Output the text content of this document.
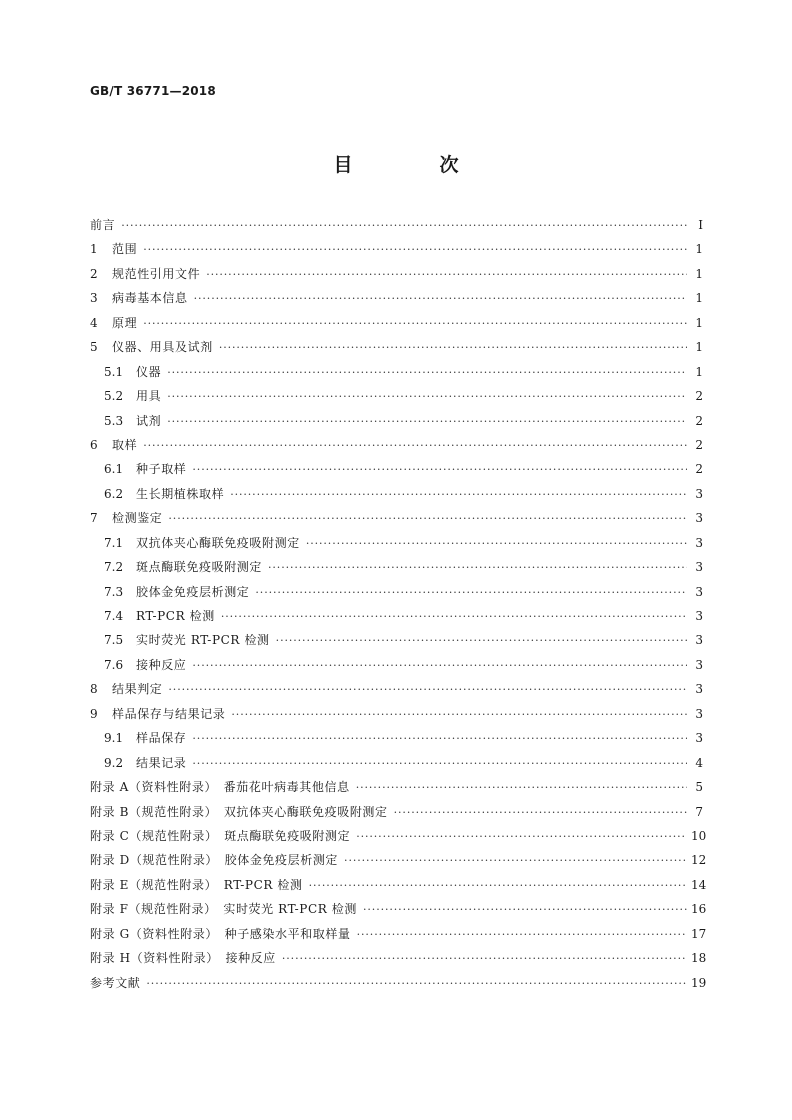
GB/T 36771—2018
目　次
前言 ·····	I
1	范围 ·····	1
2	规范性引用文件 ·····	1
3	病毒基本信息 ·····	1
4	原理 ·····	1
5	仪器、用具及试剂 ·····	1
5.1	仪器 ·····	1
5.2	用具 ·····	2
5.3	试剂 ·····	2
6	取样 ·····	2
6.1	种子取样 ·····	2
6.2	生长期植株取样 ·····	3
7	检测鉴定 ·····	3
7.1	双抗体夹心酶联免疫吸附测定 ·····	3
7.2	斑点酶联免疫吸附测定 ·····	3
7.3	胶体金免疫层析测定 ·····	3
7.4	RT-PCR 检测 ·····	3
7.5	实时荧光 RT-PCR 检测 ·····	3
7.6	接种反应 ·····	3
8	结果判定 ·····	3
9	样品保存与结果记录 ·····	3
9.1	样品保存 ·····	3
9.2	结果记录 ·····	4
附录 A（资料性附录）　番茄花叶病毒其他信息 ·····	5
附录 B（规范性附录）　双抗体夹心酶联免疫吸附测定 ·····	7
附录 C（规范性附录）　斑点酶联免疫吸附测定 ·····	10
附录 D（规范性附录）　胶体金免疫层析测定 ·····	12
附录 E（规范性附录）　RT-PCR 检测 ·····	14
附录 F（规范性附录）　实时荧光 RT-PCR 检测 ·····	16
附录 G（资料性附录）　种子感染水平和取样量 ·····	17
附录 H（资料性附录）　接种反应 ·····	18
参考文献 ·····	19
